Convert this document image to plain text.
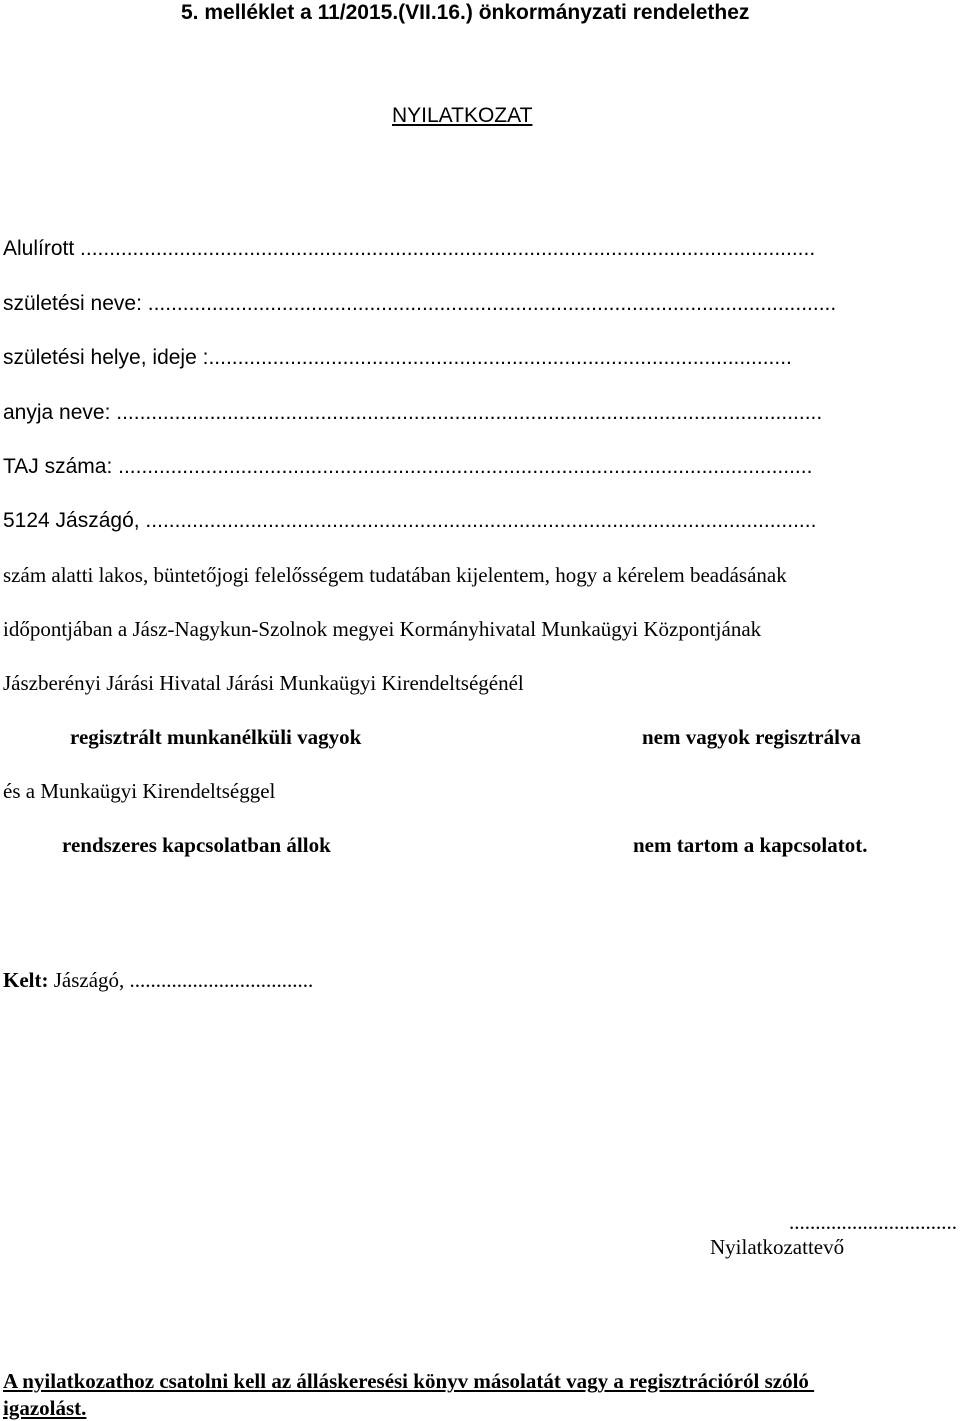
5. melléklet a 11/2015.(VII.16.) önkormányzati rendelethez
NYILATKOZAT
Alulírott ..............................................................................................................................
születési neve: ......................................................................................................................
születési helye, ideje :....................................................................................................
anyja neve: .........................................................................................................................
TAJ száma: .......................................................................................................................
5124 Jászágó, ...................................................................................................................
szám alatti lakos, büntetőjogi felelősségem tudatában kijelentem, hogy a kérelem beadásának
időpontjában a Jász-Nagykun-Szolnok megyei Kormányhivatal Munkaügyi Központjának
Jászberényi Járási Hivatal Járási Munkaügyi Kirendeltségénél
regisztrált munkanélküli vagyok	nem vagyok regisztrálva
és a Munkaügyi Kirendeltséggel
rendszeres kapcsolatban állok	nem tartom a kapcsolatot.
Kelt: Jászágó, ...................................
................................
Nyilatkozattevő
A nyilatkozathoz csatolni kell az álláskeresési könyv másolatát vagy a regisztrációról szóló
igazolást.
